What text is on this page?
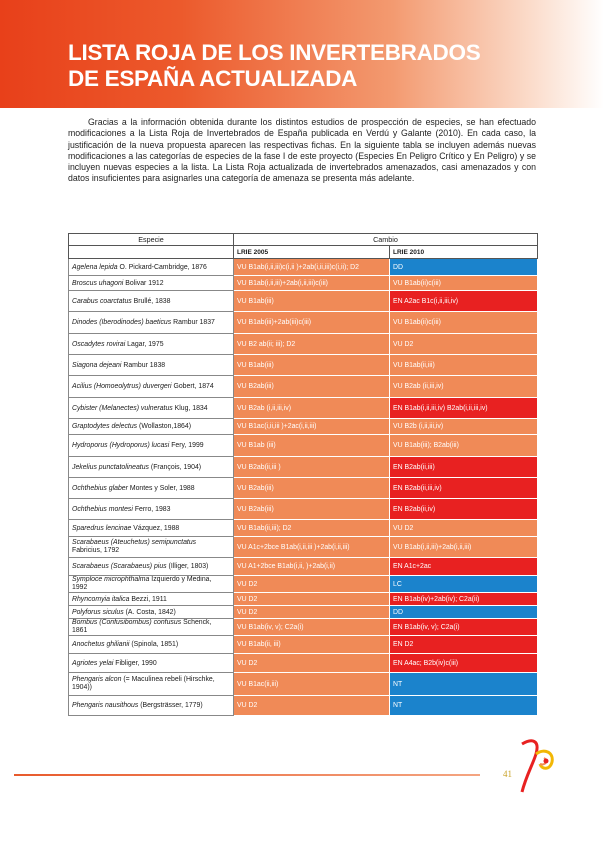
LISTA ROJA DE LOS INVERTEBRADOS
DE ESPAÑA ACTUALIZADA

Gracias a la información obtenida durante los distintos estudios de prospección de especies, se han efectuado modificaciones a la Lista Roja de Invertebrados de España publicada en Verdú y Galante (2010). En cada caso, la justificación de la nueva propuesta aparecen las respectivas fichas. En la siguiente tabla se incluyen además nuevas modificaciones a las categorías de especies de la fase I de este proyecto (Especies En Peligro Crítico y En Peligro) y se incluyen nuevas especies a la lista. La Lista Roja actualizada de invertebrados amenazados, casi amenazados y con datos insuficientes para asignarles una categoría de amenaza se presenta más adelante.

Especie	Cambio	
	LRIE 2005	LRIE 2010
Agelena lepida O. Pickard-Cambridge, 1876	VU B1ab(i,ii,iii)c(i,ii )+2ab(i,ii,iii)c(i,ii); D2	DD
Broscus uhagoni Bolivar 1912	VU B1ab(i,ii,iii)+2ab(i,ii,iii)c(iii)	VU B1ab(ii)c(iii)
Carabus coarctatus Brullé, 1838	VU B1ab(iii)	EN A2ac B1c(i,ii,iii,iv)
Dinodes (Iberodinodes) baeticus Rambur 1837	VU B1ab(iii)+2ab(iii)c(iii)	VU B1ab(ii)c(iii)
Oscadytes rovirai Lagar, 1975	VU B2 ab(ii; iii); D2	VU D2
Siagona dejeani Rambur 1838	VU B1ab(iii)	VU B1ab(ii,iii)
Acilius (Homoeolytrus) duvergeri Gobert, 1874	VU B2ab(iii)	VU B2ab (ii,iii,iv)
Cybister (Melanectes) vulneratus Klug, 1834	VU B2ab (i,ii,iii,iv)	EN B1ab(i,ii,iii,iv) B2ab(i,ii,iii,iv)
Graptodytes delectus (Wollaston,1864)	VU B1ac(i,ii,iii )+2ac(i,ii,iii)	VU B2b (i,ii,iii,iv)
Hydroporus (Hydroporus) lucasi Fery, 1999	VU B1ab (iii)	VU B1ab(iii); B2ab(iii)
Jekelius punctatolineatus (François, 1904)	VU B2ab(ii,iii )	EN B2ab(ii,iii)
Ochthebius glaber Montes y Soler, 1988	VU B2ab(iii)	EN B2ab(ii,iii,iv)
Ochthebius montesi Ferro, 1983	VU B2ab(iii)	EN B2ab(ii,iv)
Sparedrus lencinae Vázquez, 1988	VU B1ab(ii,iii); D2	VU D2
Scarabaeus (Ateuchetus) semipunctatus
Fabricius, 1792	VU A1c+2bce B1ab(i,ii,iii )+2ab(i,ii,iii)	VU B1ab(i,ii,iii)+2ab(i,ii,iii)
Scarabaeus (Scarabaeus) pius (Illiger, 1803)	VU A1+2bce B1ab(i,ii, )+2ab(i,ii)	EN A1c+2ac
Symploce microphthalma Izquierdo y Medina,
1992	VU D2	LC
Rhyncomyia italica Bezzi, 1911	VU D2	EN B1ab(iv)+2ab(iv); C2a(ii)
Polyforus siculus (A. Costa, 1842)	VU D2	DD
Bombus (Confusibombus) confusus Schenck,
1861	VU B1ab(iv, v); C2a(i)	EN B1ab(iv, v); C2a(i)
Anochetus ghilianii (Spinola, 1851)	VU B1ab(ii, iii)	EN D2
Agriotes yelai Fibliger, 1990	VU D2	EN A4ac; B2b(iv)c(iii)
Phengaris alcon (= Maculinea rebeli (Hirschke,
1904))	VU B1ac(ii,iii)	NT
Phengaris nausithous (Bergsträsser, 1779)	VU D2	NT
41
